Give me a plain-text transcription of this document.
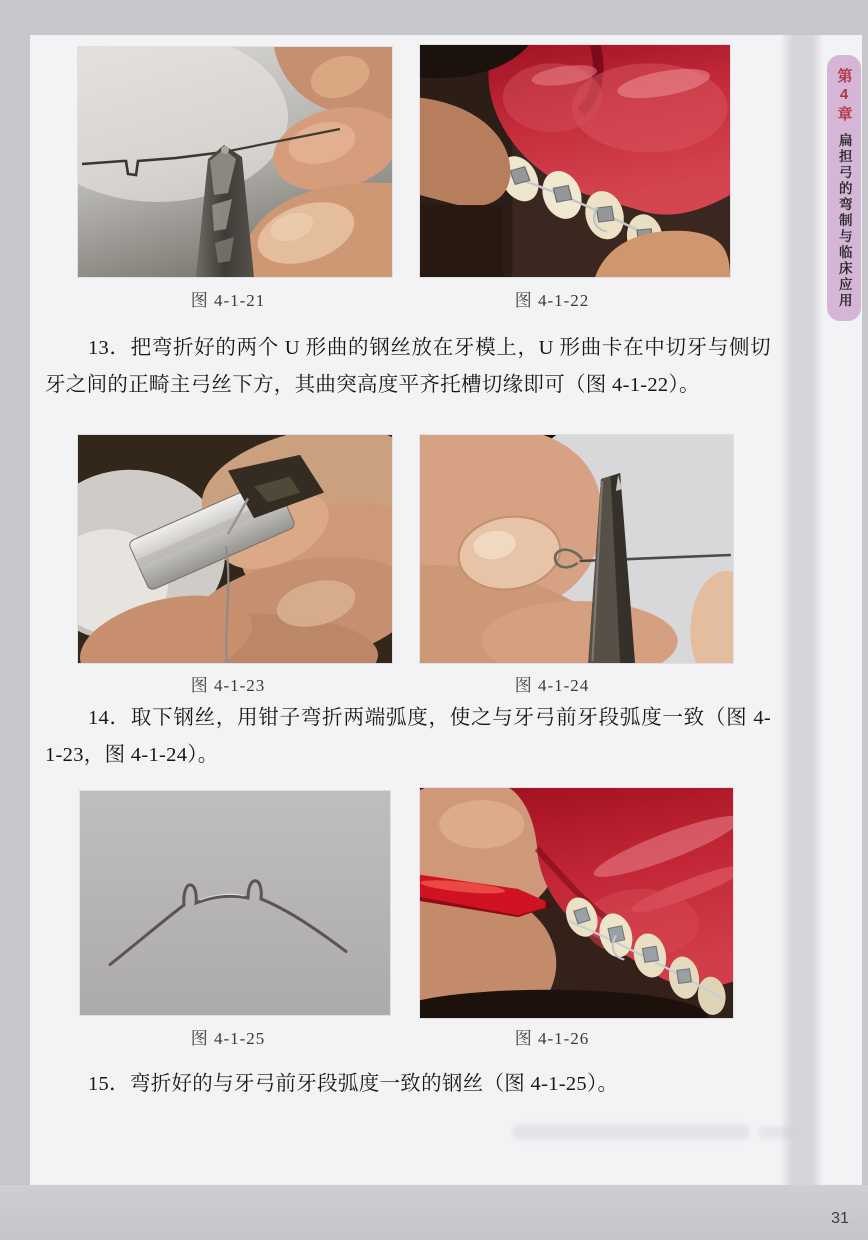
第4章
扁担弓的弯制与临床应用
图 4-1-21	图 4-1-22
13．把弯折好的两个 U 形曲的钢丝放在牙模上，U 形曲卡在中切牙与侧切牙之间的正畸主弓丝下方，其曲突高度平齐托槽切缘即可（图 4-1-22）。
图 4-1-23	图 4-1-24
14．取下钢丝，用钳子弯折两端弧度，使之与牙弓前牙段弧度一致（图 4-1-23，图 4-1-24）。
图 4-1-25	图 4-1-26
15．弯折好的与牙弓前牙段弧度一致的钢丝（图 4-1-25）。
31
